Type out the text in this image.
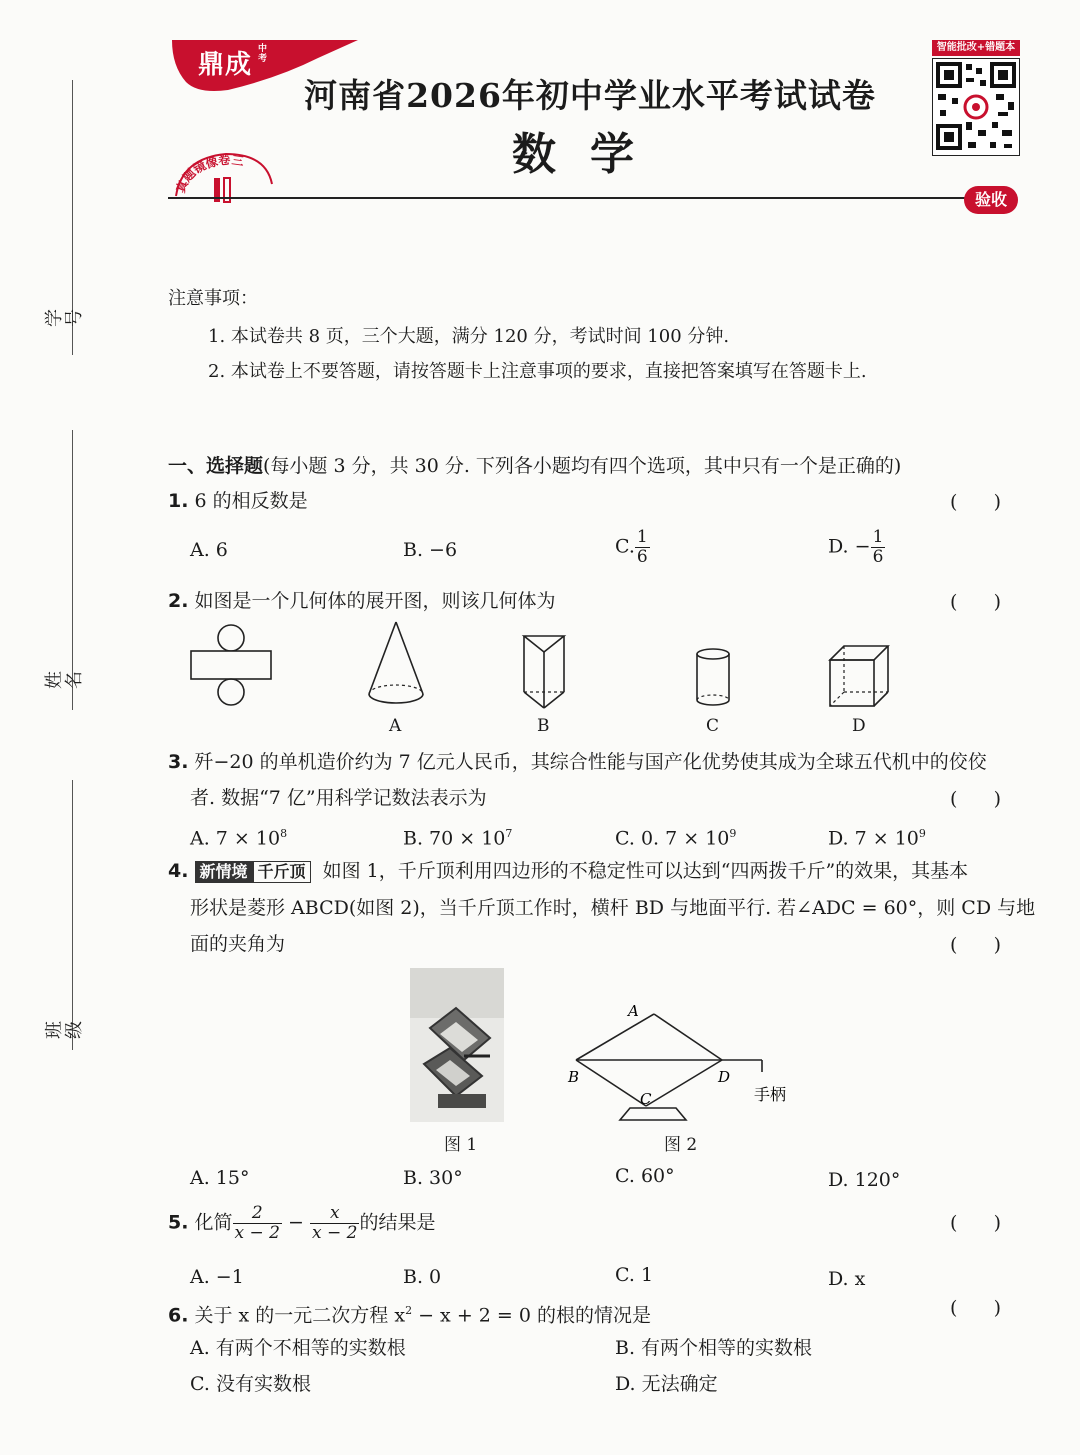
学号
姓名
班级
鼎成
中考
真题镜像卷三
河南省2026年初中学业水平考试试卷
数学
智能批改+错题本
验收
注意事项：
1. 本试卷共 8 页，三个大题，满分 120 分，考试时间 100 分钟.
2. 本试卷上不要答题，请按答题卡上注意事项的要求，直接把答案填写在答题卡上.
一、选择题(每小题 3 分，共 30 分. 下列各小题均有四个选项，其中只有一个是正确的)
1. 6 的相反数是	(      )
A. 6	B. −6	C. $\frac{1}{6}$	D. − $\frac{1}{6}$
2. 如图是一个几何体的展开图，则该几何体为	(      )
A	B	C	D
3. 歼−20 的单机造价约为 7 亿元人民币，其综合性能与国产化优势使其成为全球五代机中的佼佼
者. 数据“7 亿”用科学记数法表示为	(      )
A. $7 \times 10^8$	B. $70 \times 10^7$	C. 0. $7 \times 10^9$	D. $7 \times 10^9$
4. 新情境 千斤顶 如图 1，千斤顶利用四边形的不稳定性可以达到“四两拨千斤”的效果，其基本
形状是菱形 ABCD(如图 2)，当千斤顶工作时，横杆 BD 与地面平行. 若∠ADC = 60°，则 CD 与地
面的夹角为	(      )
图 1
A
B
C
D
手柄
图 2
A. 15°	B. 30°	C. 60°	D. 120°
5. 化简 $\frac{2}{x - 2} - \frac{x}{x - 2}$ 的结果是	(      )
A. −1	B. 0	C. 1	D. x
6. 关于 x 的一元二次方程 $x^2 - x + 2 = 0$ 的根的情况是	(      )
A. 有两个不相等的实数根	B. 有两个相等的实数根
C. 没有实数根	D. 无法确定
